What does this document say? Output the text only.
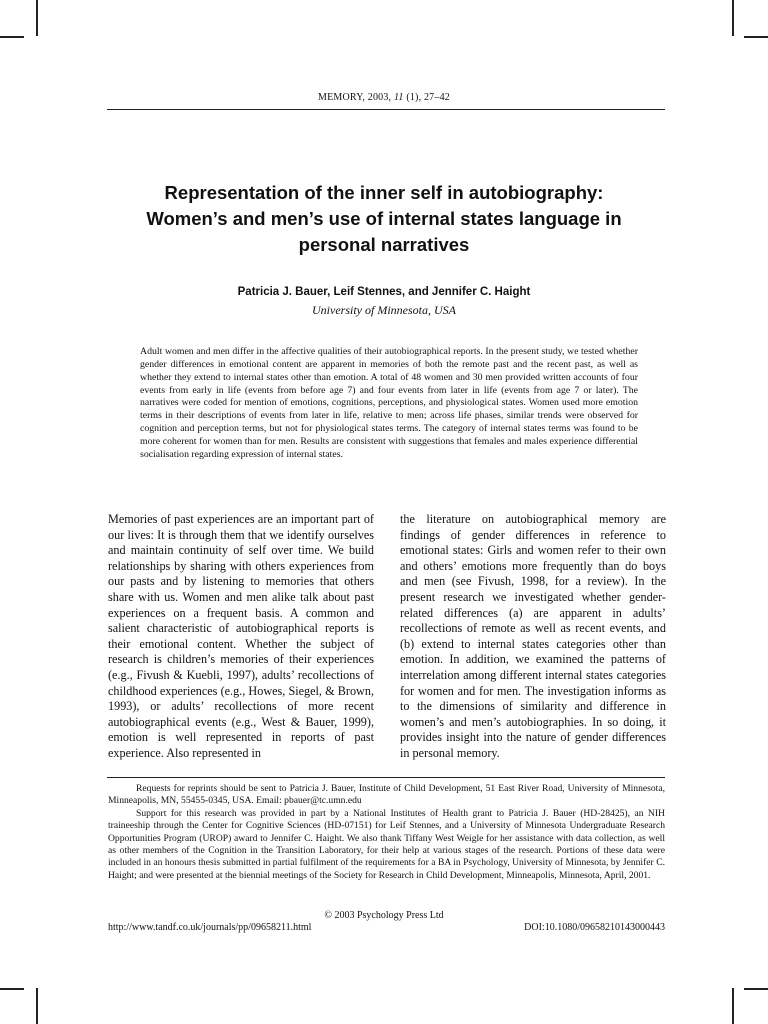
MEMORY, 2003, 11 (1), 27–42
Representation of the inner self in autobiography:
Women’s and men’s use of internal states language in
personal narratives
Patricia J. Bauer, Leif Stennes, and Jennifer C. Haight
University of Minnesota, USA

Adult women and men differ in the affective qualities of their autobiographical reports. In the present study, we tested whether gender differences in emotional content are apparent in memories of both the remote past and the recent past, as well as whether they extend to internal states other than emotion. A total of 48 women and 30 men provided written accounts of four events from early in life (events from before age 7) and four events from later in life (events from age 7 or later). The narratives were coded for mention of emotions, cognitions, perceptions, and physiological states. Women used more emotion terms in their descriptions of events from later in life, relative to men; across life phases, similar trends were observed for cognition and perception terms, but not for physiological states terms. The category of internal states terms was found to be more coherent for women than for men. Results are consistent with suggestions that females and males experience differential socialisation regarding expression of internal states.

Memories of past experiences are an important part of our lives: It is through them that we identify ourselves and maintain continuity of self over time. We build relationships by sharing with others experiences from our pasts and by listening to memories that others share with us. Women and men alike talk about past experiences on a frequent basis. A common and salient characteristic of autobiographical reports is their emotional content. Whether the subject of research is children’s memories of their experiences (e.g., Fivush & Kuebli, 1997), adults’ recollections of childhood experiences (e.g., Howes, Siegel, & Brown, 1993), or adults’ recollections of more recent autobiographical events (e.g., West & Bauer, 1999), emotion is well represented in reports of past experience. Also represented in

the literature on autobiographical memory are findings of gender differences in reference to emotional states: Girls and women refer to their own and others’ emotions more frequently than do boys and men (see Fivush, 1998, for a review). In the present research we investigated whether gender-related differences (a) are apparent in adults’ recollections of remote as well as recent events, and (b) extend to internal states categories other than emotion. In addition, we examined the patterns of interrelation among different internal states categories for women and for men. The investigation informs as to the dimensions of similarity and difference in women’s and men’s autobiographies. In so doing, it provides insight into the nature of gender differences in personal memory.

Requests for reprints should be sent to Patricia J. Bauer, Institute of Child Development, 51 East River Road, University of Minnesota, Minneapolis, MN, 55455-0345, USA. Email: pbauer@tc.umn.edu

Support for this research was provided in part by a National Institutes of Health grant to Patricia J. Bauer (HD-28425), an NIH traineeship through the Center for Cognitive Sciences (HD-07151) for Leif Stennes, and a University of Minnesota Undergraduate Research Opportunities Program (UROP) award to Jennifer C. Haight. We also thank Tiffany West Weigle for her assistance with data collection, as well as other members of the Cognition in the Transition Laboratory, for their help at various stages of the research. Portions of these data were included in an honours thesis submitted in partial fulfilment of the requirements for a BA in Psychology, University of Minnesota, by Jennifer C. Haight; and were presented at the biennial meetings of the Society for Research in Child Development, Minneapolis, Minnesota, April, 2001.

© 2003 Psychology Press Ltd
http://www.tandf.co.uk/journals/pp/09658211.html	DOI:10.1080/09658210143000443
